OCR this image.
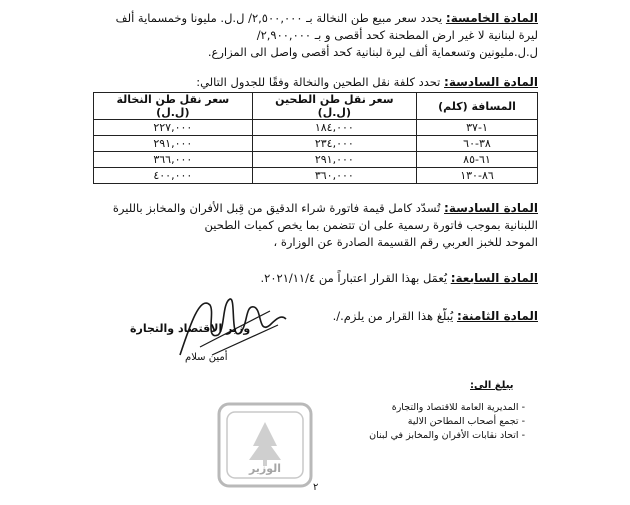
المادة الخامسة: يحدد سعر مبيع طن النخالة بـ ٢,٥٠٠,٠٠٠/ ل.ل. مليونا وخمسماية ألف
ليرة لبنانية لا غير ارض المطحنة كحد أقصى و بـ ٢,٩٠٠,٠٠٠/
ل.ل.مليونين وتسعماية ألف ليرة لبنانية كحد أقصى واصل الى المزارع.
المادة السادسة: تحدد كلفة نقل الطحين والنخالة وفقًا للجدول التالي:
المسافة (كلم)	سعر نقل طن الطحين (ل.ل)	سعر نقل طن النخالة (ل.ل)
١-٣٧	١٨٤,٠٠٠	٢٢٧,٠٠٠
٣٨-٦٠	٢٣٤,٠٠٠	٢٩١,٠٠٠
٦١-٨٥	٢٩١,٠٠٠	٣٦٦,٠٠٠
٨٦-١٣٠	٣٦٠,٠٠٠	٤٠٠,٠٠٠
المادة السادسة: تُسدّد كامل قيمة فاتورة شراء الدقيق من قِبل الأفران والمخابز بالليرة
اللبنانية بموجب فاتورة رسمية على ان تتضمن بما يخص كميات الطحين
الموحد للخبز العربي رقم القسيمة الصادرة عن الوزارة ،
المادة السابعة: يُعمَل بهذا القرار اعتباراً من ٢٠٢١/١١/٤.
المادة الثامنة: يُبلّغ هذا القرار من يلزم./.
وزير الاقتصاد والتجارة
أمين سلام
الوزير
يبلغ الى:
- المديرية العامة للاقتصاد والتجارة
- تجمع أصحاب المطاحن الالية
- اتحاد نقابات الأفران والمخابز في لبنان
٢
